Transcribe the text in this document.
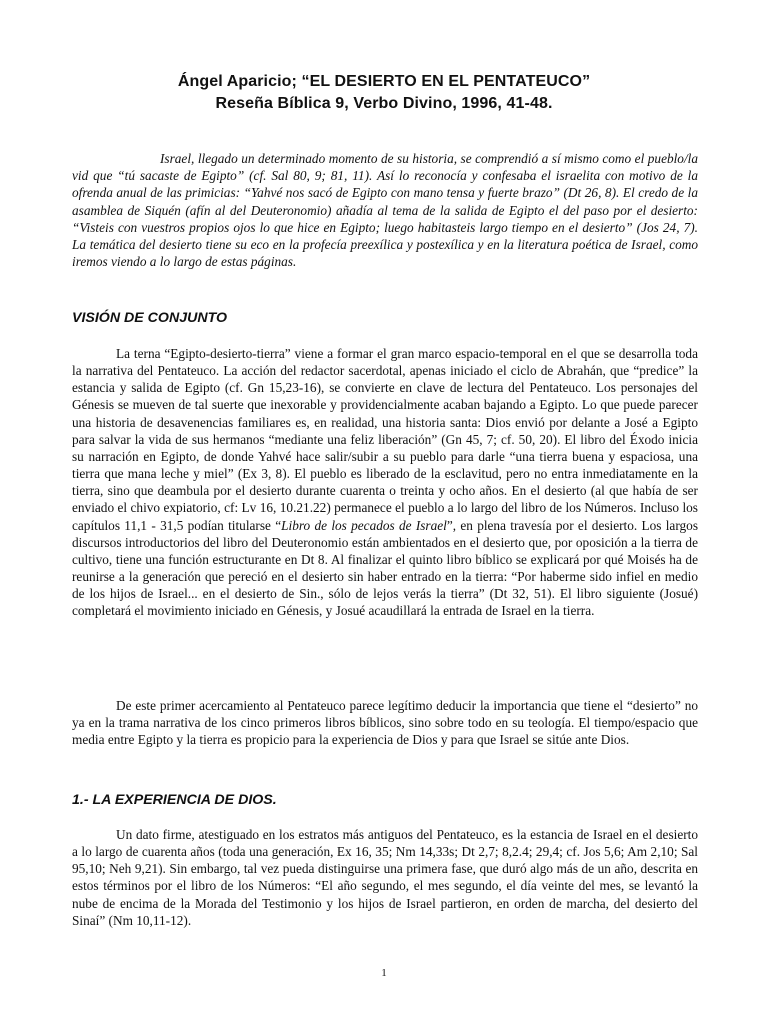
Ángel Aparicio; “EL DESIERTO EN EL PENTATEUCO”
Reseña Bíblica 9, Verbo Divino, 1996, 41-48.

Israel, llegado un determinado momento de su historia, se comprendió a sí mismo como el pueblo/la vid que “tú sacaste de Egipto” (cf. Sal 80, 9; 81, 11). Así lo reconocía y confesaba el israelita con motivo de la ofrenda anual de las primicias: “Yahvé nos sacó de Egipto con mano tensa y fuerte brazo” (Dt 26, 8). El credo de la asamblea de Siquén (afín al del Deuteronomio) añadía al tema de la salida de Egipto el del paso por el desierto: “Visteis con vuestros propios ojos lo que hice en Egipto; luego habitasteis largo tiempo en el desierto” (Jos 24, 7). La temática del desierto tiene su eco en la profecía preexílica y postexílica y en la literatura poética de Israel, como iremos viendo a lo largo de estas páginas.

VISIÓN DE CONJUNTO

La terna “Egipto-desierto-tierra” viene a formar el gran marco espacio-temporal en el que se desarrolla toda la narrativa del Pentateuco. La acción del redactor sacerdotal, apenas iniciado el ciclo de Abrahán, que “predice” la estancia y salida de Egipto (cf. Gn 15,23-16), se convierte en clave de lectura del Pentateuco. Los personajes del Génesis se mueven de tal suerte que inexorable y providencialmente acaban bajando a Egipto. Lo que puede parecer una historia de desavenencias familiares es, en realidad, una historia santa: Dios envió por delante a José a Egipto para salvar la vida de sus hermanos “mediante una feliz liberación” (Gn 45, 7; cf. 50, 20). El libro del Éxodo inicia su narración en Egipto, de donde Yahvé hace salir/subir a su pueblo para darle “una tierra buena y espaciosa, una tierra que mana leche y miel” (Ex 3, 8). El pueblo es liberado de la esclavitud, pero no entra inmediatamente en la tierra, sino que deambula por el desierto durante cuarenta o treinta y ocho años. En el desierto (al que había de ser enviado el chivo expiatorio, cf: Lv 16, 10.21.22) permanece el pueblo a lo largo del libro de los Números. Incluso los capítulos 11,1 - 31,5 podían titularse “Libro de los pecados de Israel”, en plena travesía por el desierto. Los largos discursos introductorios del libro del Deuteronomio están ambientados en el desierto que, por oposición a la tierra de cultivo, tiene una función estructurante en Dt 8. Al finalizar el quinto libro bíblico se explicará por qué Moisés ha de reunirse a la generación que pereció en el desierto sin haber entrado en la tierra: “Por haberme sido infiel en medio de los hijos de Israel... en el desierto de Sin., sólo de lejos verás la tierra” (Dt 32, 51). El libro siguiente (Josué) completará el movimiento iniciado en Génesis, y Josué acaudillará la entrada de Israel en la tierra.

De este primer acercamiento al Pentateuco parece legítimo deducir la importancia que tiene el “desierto” no ya en la trama narrativa de los cinco primeros libros bíblicos, sino sobre todo en su teología. El tiempo/espacio que media entre Egipto y la tierra es propicio para la experiencia de Dios y para que Israel se sitúe ante Dios.

1.- LA EXPERIENCIA DE DIOS.

Un dato firme, atestiguado en los estratos más antiguos del Pentateuco, es la estancia de Israel en el desierto a lo largo de cuarenta años (toda una generación, Ex 16, 35; Nm 14,33s; Dt 2,7; 8,2.4; 29,4; cf. Jos 5,6; Am 2,10; Sal 95,10; Neh 9,21). Sin embargo, tal vez pueda distinguirse una primera fase, que duró algo más de un año, descrita en estos términos por el libro de los Números: “El año segundo, el mes segundo, el día veinte del mes, se levantó la nube de encima de la Morada del Testimonio y los hijos de Israel partieron, en orden de marcha, del desierto del Sinaí” (Nm 10,11-12).

1
